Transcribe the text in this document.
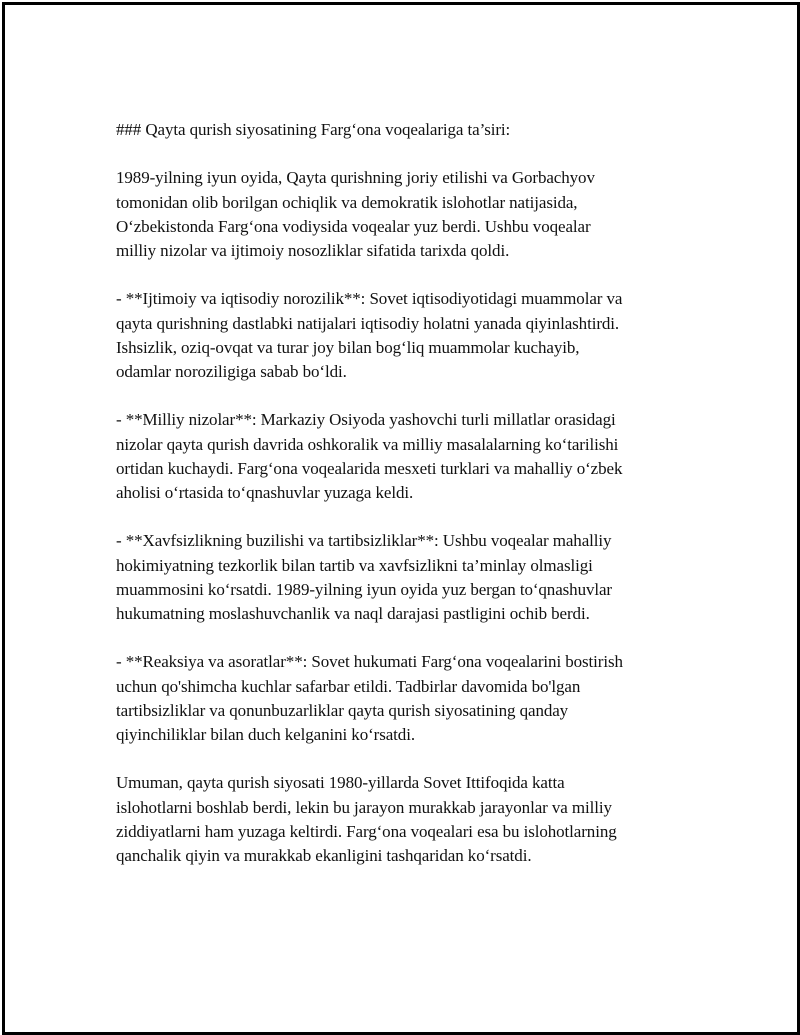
### Qayta qurish siyosatining Farg‘ona voqealariga ta’siri:

1989-yilning iyun oyida, Qayta qurishning joriy etilishi va Gorbachyov
tomonidan olib borilgan ochiqlik va demokratik islohotlar natijasida,
O‘zbekistonda Farg‘ona vodiysida voqealar yuz berdi. Ushbu voqealar
milliy nizolar va ijtimoiy nosozliklar sifatida tarixda qoldi.

- **Ijtimoiy va iqtisodiy norozilik**: Sovet iqtisodiyotidagi muammolar va
qayta qurishning dastlabki natijalari iqtisodiy holatni yanada qiyinlashtirdi.
Ishsizlik, oziq-ovqat va turar joy bilan bog‘liq muammolar kuchayib,
odamlar noroziligiga sabab bo‘ldi.

- **Milliy nizolar**: Markaziy Osiyoda yashovchi turli millatlar orasidagi
nizolar qayta qurish davrida oshkoralik va milliy masalalarning ko‘tarilishi
ortidan kuchaydi. Farg‘ona voqealarida mesxeti turklari va mahalliy o‘zbek
aholisi o‘rtasida to‘qnashuvlar yuzaga keldi.

- **Xavfsizlikning buzilishi va tartibsizliklar**: Ushbu voqealar mahalliy
hokimiyatning tezkorlik bilan tartib va xavfsizlikni ta’minlay olmasligi
muammosini ko‘rsatdi. 1989-yilning iyun oyida yuz bergan to‘qnashuvlar
hukumatning moslashuvchanlik va naql darajasi pastligini ochib berdi.

- **Reaksiya va asoratlar**: Sovet hukumati Farg‘ona voqealarini bostirish
uchun qo'shimcha kuchlar safarbar etildi. Tadbirlar davomida bo'lgan
tartibsizliklar va qonunbuzarliklar qayta qurish siyosatining qanday
qiyinchiliklar bilan duch kelganini ko‘rsatdi.

Umuman, qayta qurish siyosati 1980-yillarda Sovet Ittifoqida katta
islohotlarni boshlab berdi, lekin bu jarayon murakkab jarayonlar va milliy
ziddiyatlarni ham yuzaga keltirdi. Farg‘ona voqealari esa bu islohotlarning
qanchalik qiyin va murakkab ekanligini tashqaridan ko‘rsatdi.
